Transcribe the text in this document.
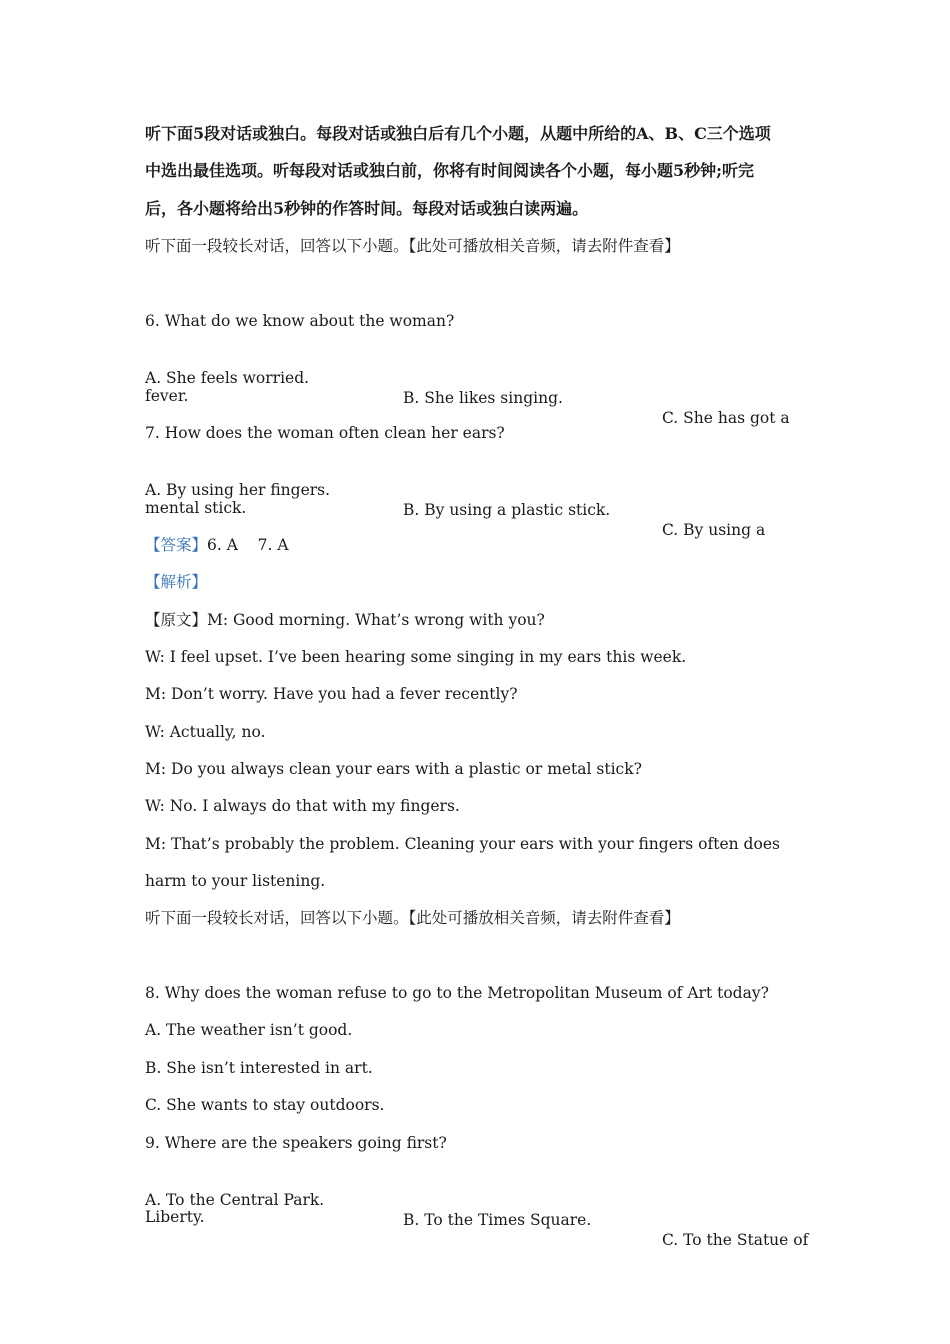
听下面5段对话或独白。每段对话或独白后有几个小题，从题中所给的A、B、C三个选项
中选出最佳选项。听每段对话或独白前，你将有时间阅读各个小题，每小题5秒钟;听完
后，各小题将给出5秒钟的作答时间。每段对话或独白读两遍。
听下面一段较长对话，回答以下小题。【此处可播放相关音频，请去附件查看】
6. What do we know about the woman?

A. She feels worried.

B. She likes singing.

C. She has got a

fever.
7. How does the woman often clean her ears?

A. By using her fingers.

B. By using a plastic stick.

C. By using a

mental stick.
【答案】6. A    7. A
【解析】
【原文】M: Good morning. What’s wrong with you?
W: I feel upset. I’ve been hearing some singing in my ears this week.
M: Don’t worry. Have you had a fever recently?
W: Actually, no.
M: Do you always clean your ears with a plastic or metal stick?
W: No. I always do that with my fingers.
M: That’s probably the problem. Cleaning your ears with your fingers often does
harm to your listening.
听下面一段较长对话，回答以下小题。【此处可播放相关音频，请去附件查看】
8. Why does the woman refuse to go to the Metropolitan Museum of Art today?
A. The weather isn’t good.
B. She isn’t interested in art.
C. She wants to stay outdoors.
9. Where are the speakers going first?

A. To the Central Park.

B. To the Times Square.

C. To the Statue of

Liberty.
